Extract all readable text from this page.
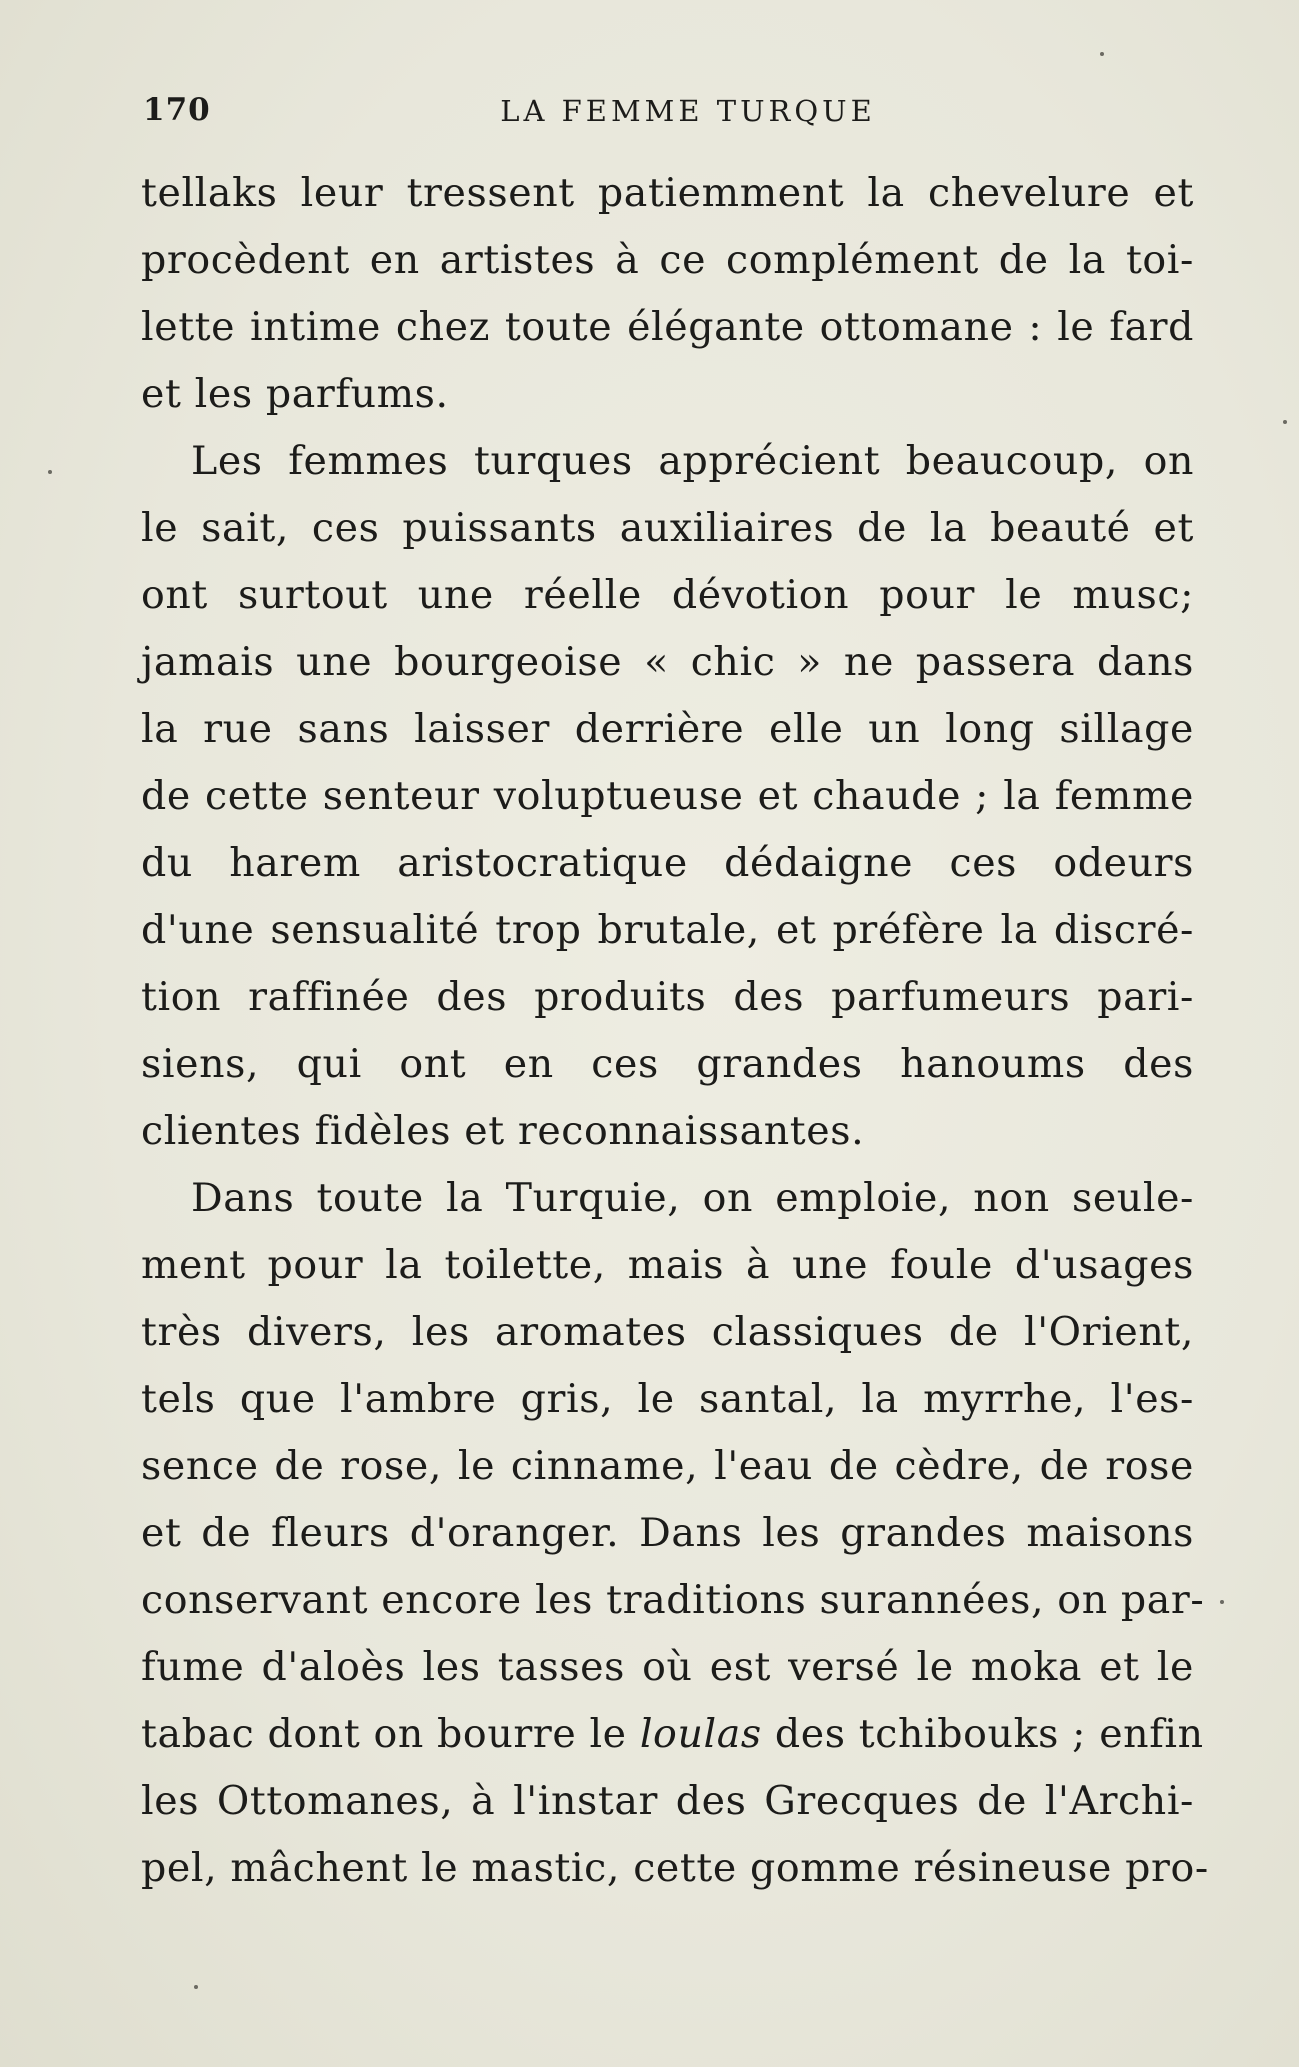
170	LA FEMME TURQUE
tellaks leur tressent patiemment la chevelure et
procèdent en artistes à ce complément de la toi-
lette intime chez toute élégante ottomane : le fard
et les parfums.
Les femmes turques apprécient beaucoup, on
le sait, ces puissants auxiliaires de la beauté et
ont surtout une réelle dévotion pour le musc;
jamais une bourgeoise « chic » ne passera dans
la rue sans laisser derrière elle un long sillage
de cette senteur voluptueuse et chaude ; la femme
du harem aristocratique dédaigne ces odeurs
d'une sensualité trop brutale, et préfère la discré-
tion raffinée des produits des parfumeurs pari-
siens, qui ont en ces grandes hanoums des
clientes fidèles et reconnaissantes.
Dans toute la Turquie, on emploie, non seule-
ment pour la toilette, mais à une foule d'usages
très divers, les aromates classiques de l'Orient,
tels que l'ambre gris, le santal, la myrrhe, l'es-
sence de rose, le cinname, l'eau de cèdre, de rose
et de fleurs d'oranger. Dans les grandes maisons
conservant encore les traditions surannées, on par-
fume d'aloès les tasses où est versé le moka et le
tabac dont on bourre le loulas des tchibouks ; enfin
les Ottomanes, à l'instar des Grecques de l'Archi-
pel, mâchent le mastic, cette gomme résineuse pro-
